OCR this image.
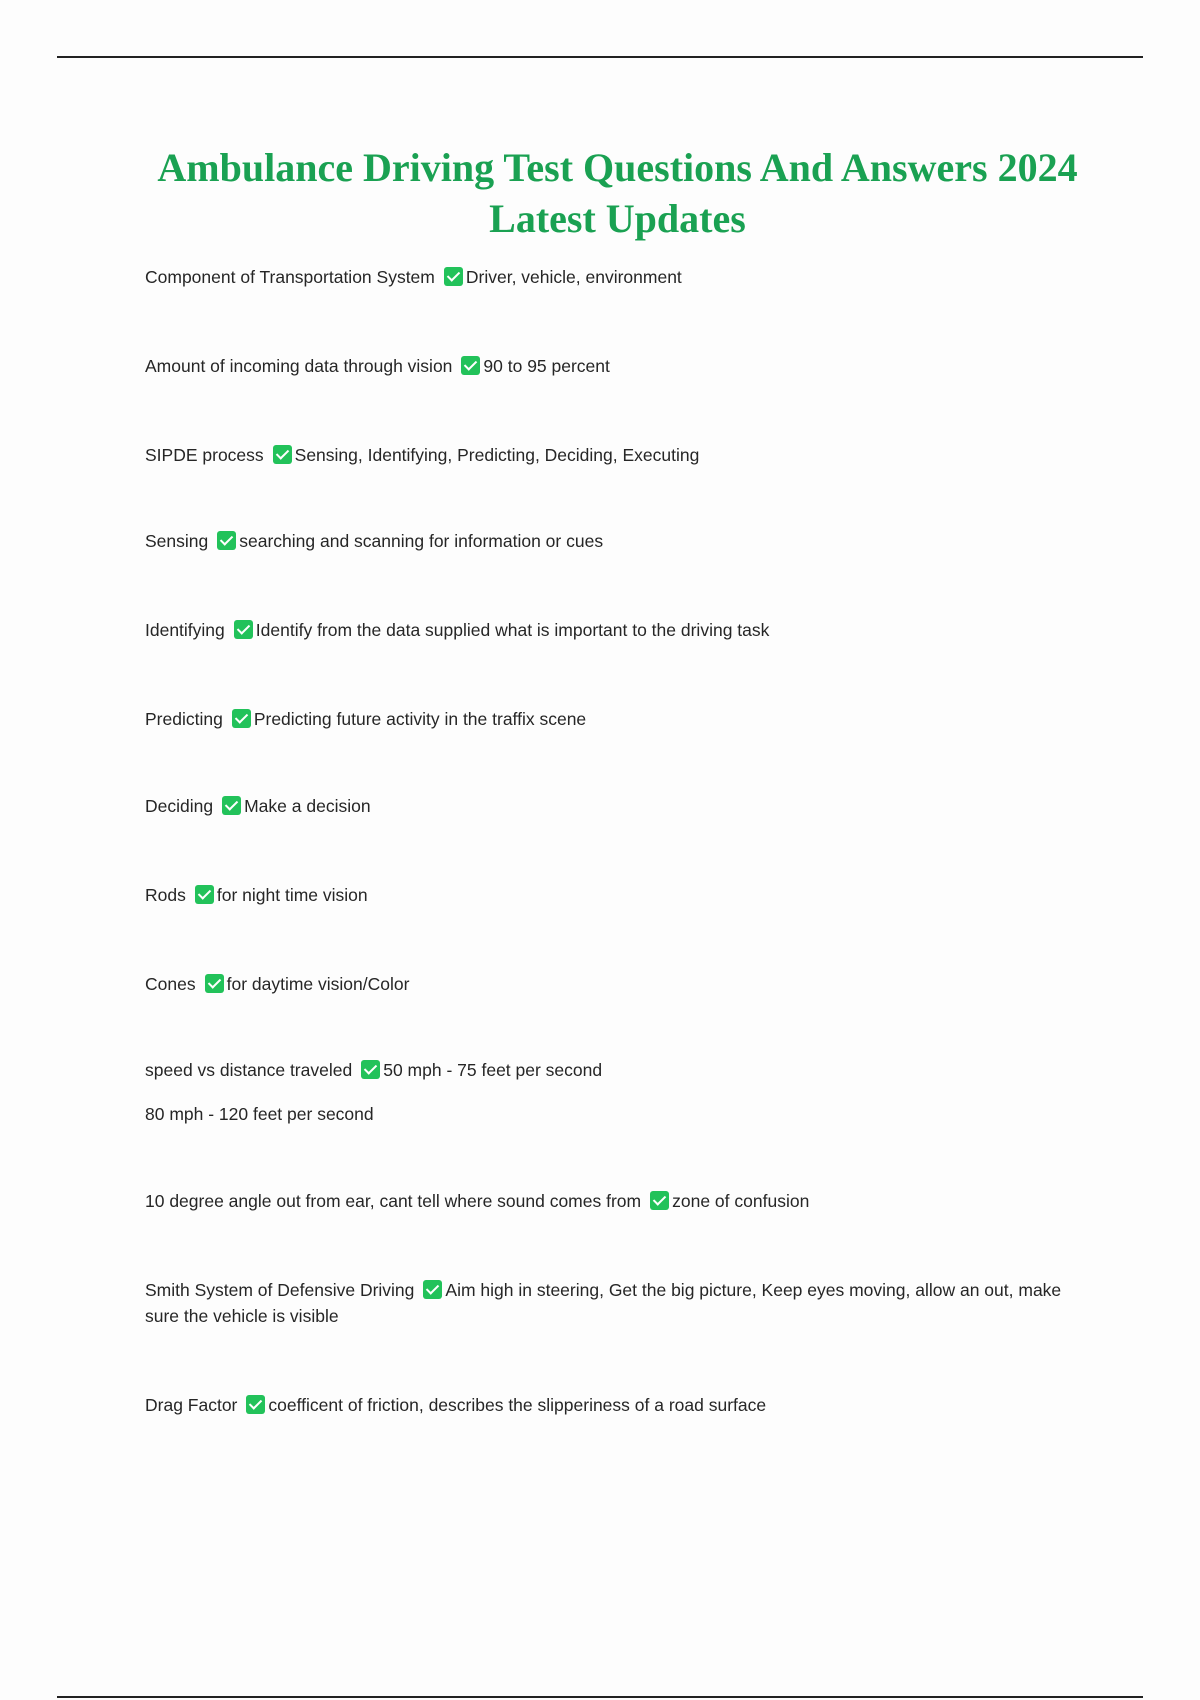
Ambulance Driving Test Questions And Answers 2024 Latest Updates
Component of Transportation System Driver, vehicle, environment
Amount of incoming data through vision 90 to 95 percent
SIPDE process Sensing, Identifying, Predicting, Deciding, Executing
Sensing searching and scanning for information or cues
Identifying Identify from the data supplied what is important to the driving task
Predicting Predicting future activity in the traffix scene
Deciding Make a decision
Rods for night time vision
Cones for daytime vision/Color
speed vs distance traveled 50 mph - 75 feet per second
80 mph - 120 feet per second
10 degree angle out from ear, cant tell where sound comes from zone of confusion
Smith System of Defensive Driving Aim high in steering, Get the big picture, Keep eyes moving, allow an out, make sure the vehicle is visible
Drag Factor coefficent of friction, describes the slipperiness of a road surface
